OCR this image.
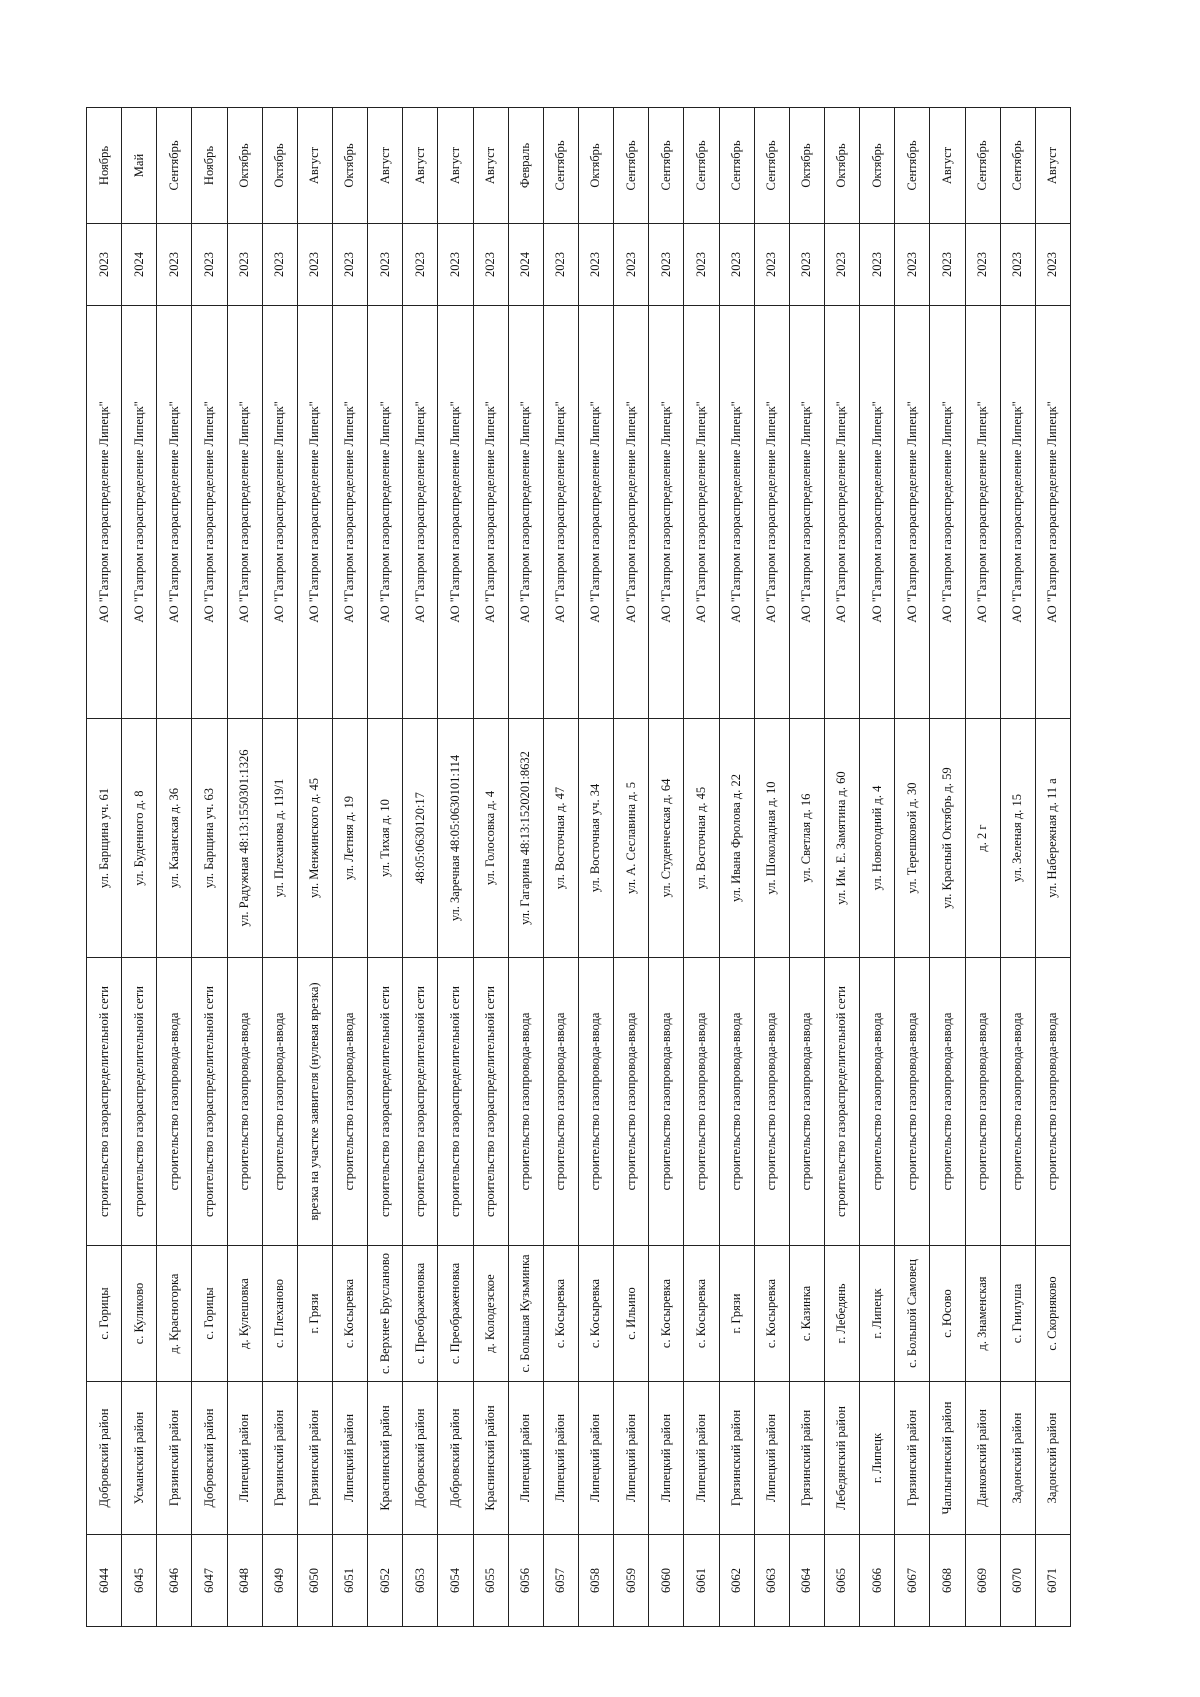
6044	Добровский район	с. Горицы	строительство газораспределительной сети	ул. Барщина уч. 61	АО "Газпром газораспределение Липецк"	2023	Ноябрь
6045	Усманский район	с. Куликово	строительство газораспределительной сети	ул. Буденного д. 8	АО "Газпром газораспределение Липецк"	2024	Май
6046	Грязинский район	д. Красногорка	строительство газопровода-ввода	ул. Казанская д. 36	АО "Газпром газораспределение Липецк"	2023	Сентябрь
6047	Добровский район	с. Горицы	строительство газораспределительной сети	ул. Барщина уч. 63	АО "Газпром газораспределение Липецк"	2023	Ноябрь
6048	Липецкий район	д. Кулешовка	строительство газопровода-ввода	ул. Радужная 48:13:1550301:1326	АО "Газпром газораспределение Липецк"	2023	Октябрь
6049	Грязинский район	с. Плеханово	строительство газопровода-ввода	ул. Плеханова д. 119/1	АО "Газпром газораспределение Липецк"	2023	Октябрь
6050	Грязинский район	г. Грязи	врезка на участке заявителя (нулевая врезка)	ул. Менжинского д. 45	АО "Газпром газораспределение Липецк"	2023	Август
6051	Липецкий район	с. Косыревка	строительство газопровода-ввода	ул. Летняя д. 19	АО "Газпром газораспределение Липецк"	2023	Октябрь
6052	Краснинский район	с. Верхнее Брусланово	строительство газораспределительной сети	ул. Тихая д. 10	АО "Газпром газораспределение Липецк"	2023	Август
6053	Добровский район	с. Преображеновка	строительство газораспределительной сети	48:05:0630120:17	АО "Газпром газораспределение Липецк"	2023	Август
6054	Добровский район	с. Преображеновка	строительство газораспределительной сети	ул. Заречная 48:05:0630101:114	АО "Газпром газораспределение Липецк"	2023	Август
6055	Краснинский район	д. Колодезское	строительство газораспределительной сети	ул. Голосовка д. 4	АО "Газпром газораспределение Липецк"	2023	Август
6056	Липецкий район	с. Большая Кузьминка	строительство газопровода-ввода	ул. Гагарина 48:13:1520201:8632	АО "Газпром газораспределение Липецк"	2024	Февраль
6057	Липецкий район	с. Косыревка	строительство газопровода-ввода	ул. Восточная д. 47	АО "Газпром газораспределение Липецк"	2023	Сентябрь
6058	Липецкий район	с. Косыревка	строительство газопровода-ввода	ул. Восточная уч. 34	АО "Газпром газораспределение Липецк"	2023	Октябрь
6059	Липецкий район	с. Ильино	строительство газопровода-ввода	ул. А. Сеславина д. 5	АО "Газпром газораспределение Липецк"	2023	Сентябрь
6060	Липецкий район	с. Косыревка	строительство газопровода-ввода	ул. Студенческая д. 64	АО "Газпром газораспределение Липецк"	2023	Сентябрь
6061	Липецкий район	с. Косыревка	строительство газопровода-ввода	ул. Восточная д. 45	АО "Газпром газораспределение Липецк"	2023	Сентябрь
6062	Грязинский район	г. Грязи	строительство газопровода-ввода	ул. Ивана Фролова д. 22	АО "Газпром газораспределение Липецк"	2023	Сентябрь
6063	Липецкий район	с. Косыревка	строительство газопровода-ввода	ул. Шоколадная д. 10	АО "Газпром газораспределение Липецк"	2023	Сентябрь
6064	Грязинский район	с. Казинка	строительство газопровода-ввода	ул. Светлая д. 16	АО "Газпром газораспределение Липецк"	2023	Октябрь
6065	Лебедянский район	г. Лебедянь	строительство газораспределительной сети	ул. Им. Е. Замятина д. 60	АО "Газпром газораспределение Липецк"	2023	Октябрь
6066	г. Липецк	г. Липецк	строительство газопровода-ввода	ул. Новогодний д. 4	АО "Газпром газораспределение Липецк"	2023	Октябрь
6067	Грязинский район	с. Большой Самовец	строительство газопровода-ввода	ул. Терешковой д. 30	АО "Газпром газораспределение Липецк"	2023	Сентябрь
6068	Чаплыгинский район	с. Юсово	строительство газопровода-ввода	ул. Красный Октябрь д. 59	АО "Газпром газораспределение Липецк"	2023	Август
6069	Данковский район	д. Знаменская	строительство газопровода-ввода	д. 2 г	АО "Газпром газораспределение Липецк"	2023	Сентябрь
6070	Задонский район	с. Гнилуша	строительство газопровода-ввода	ул. Зеленая д. 15	АО "Газпром газораспределение Липецк"	2023	Сентябрь
6071	Задонский район	с. Скорняково	строительство газопровода-ввода	ул. Набережная д. 11 а	АО "Газпром газораспределение Липецк"	2023	Август
